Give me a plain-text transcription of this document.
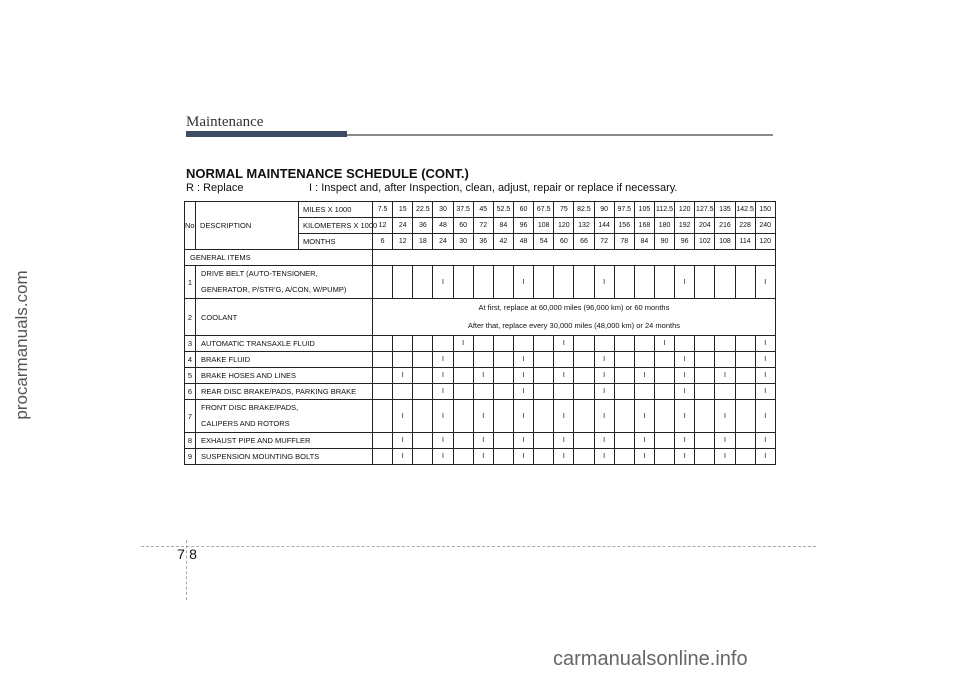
Maintenance
procarmanuals.com
NORMAL MAINTENANCE SCHEDULE (CONT.)
R : Replace	I : Inspect and, after Inspection, clean, adjust, repair or replace if necessary.
No.	DESCRIPTION	MILES X 1000	7.5	15	22.5	30	37.5	45	52.5	60	67.5	75	82.5	90	97.5	105	112.5	120	127.5	135	142.5	150
		KILOMETERS X 1000	12	24	36	48	60	72	84	96	108	120	132	144	156	168	180	192	204	216	228	240
		MONTHS	6	12	18	24	30	36	42	48	54	60	66	72	78	84	90	96	102	108	114	120
GENERAL ITEMS																						
1	DRIVE BELT (AUTO-TENSIONER,
GENERATOR, P/STR'G, A/CON, W/PUMP)					I				I				I				I				I
2	COOLANT		At first, replace at 60,000 miles (96,000 km) or 60 months
After that, replace every 30,000 miles (48,000 km) or 24 months																			

3	AUTOMATIC TRANSAXLE FLUID						I					I					I					I
4	BRAKE FLUID					I				I				I				I				I
5	BRAKE HOSES AND LINES			I		I		I		I		I		I		I		I		I		I
6	REAR DISC BRAKE/PADS, PARKING BRAKE					I				I				I				I				I
7	FRONT DISC BRAKE/PADS,
CALIPERS AND ROTORS			I		I		I		I		I		I		I		I		I		I
8	EXHAUST PIPE AND MUFFLER			I		I		I		I		I		I		I		I		I		I
9	SUSPENSION MOUNTING BOLTS			I		I		I		I		I		I		I		I		I		I
7 8
carmanualsonline.info
